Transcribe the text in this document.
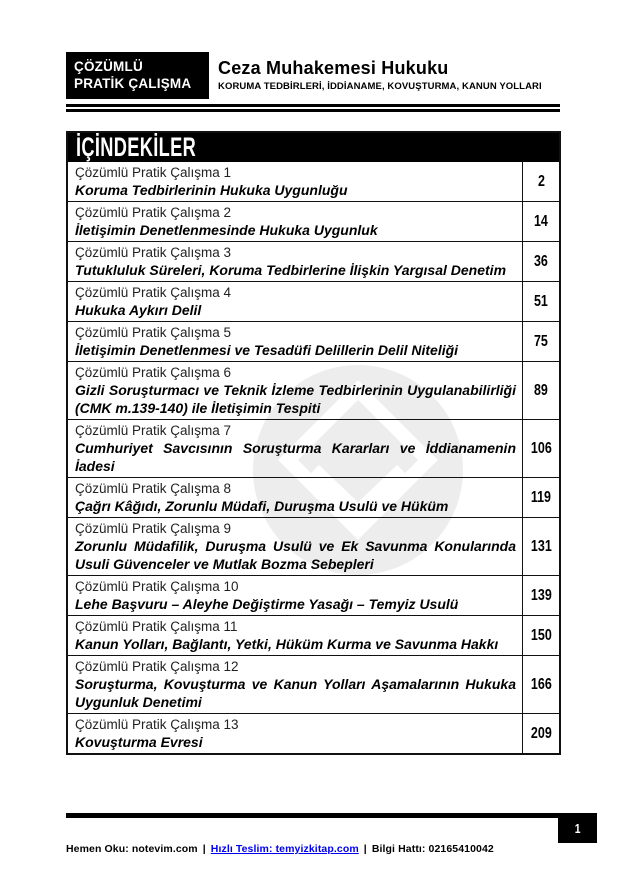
ÇÖZÜMLÜ
PRATİK ÇALIŞMA
Ceza Muhakemesi Hukuku
KORUMA TEDBİRLERİ, İDDİANAME, KOVUŞTURMA, KANUN YOLLARI
İÇİNDEKİLER
Çözümlü Pratik Çalışma 1
Koruma Tedbirlerinin Hukuka Uygunluğu
2
Çözümlü Pratik Çalışma 2
İletişimin Denetlenmesinde Hukuka Uygunluk
14
Çözümlü Pratik Çalışma 3
Tutukluluk Süreleri, Koruma Tedbirlerine İlişkin Yargısal Denetim
36
Çözümlü Pratik Çalışma 4
Hukuka Aykırı Delil
51
Çözümlü Pratik Çalışma 5
İletişimin Denetlenmesi ve Tesadüfi Delillerin Delil Niteliği
75
Çözümlü Pratik Çalışma 6
Gizli Soruşturmacı ve Teknik İzleme Tedbirlerinin Uygulanabilirliği (CMK m.139-140) ile İletişimin Tespiti
89
Çözümlü Pratik Çalışma 7
Cumhuriyet Savcısının Soruşturma Kararları ve İddianamenin İadesi
106
Çözümlü Pratik Çalışma 8
Çağrı Kâğıdı, Zorunlu Müdafi, Duruşma Usulü ve Hüküm
119
Çözümlü Pratik Çalışma 9
Zorunlu Müdafilik, Duruşma Usulü ve Ek Savunma Konularında Usuli Güvenceler ve Mutlak Bozma Sebepleri
131
Çözümlü Pratik Çalışma 10
Lehe Başvuru – Aleyhe Değiştirme Yasağı – Temyiz Usulü
139
Çözümlü Pratik Çalışma 11
Kanun Yolları, Bağlantı, Yetki, Hüküm Kurma ve Savunma Hakkı
150
Çözümlü Pratik Çalışma 12
Soruşturma, Kovuşturma ve Kanun Yolları Aşamalarının Hukuka Uygunluk Denetimi
166
Çözümlü Pratik Çalışma 13
Kovuşturma Evresi
209
1
Hemen Oku: notevim.com | Hızlı Teslim: temyizkitap.com | Bilgi Hattı: 02165410042
